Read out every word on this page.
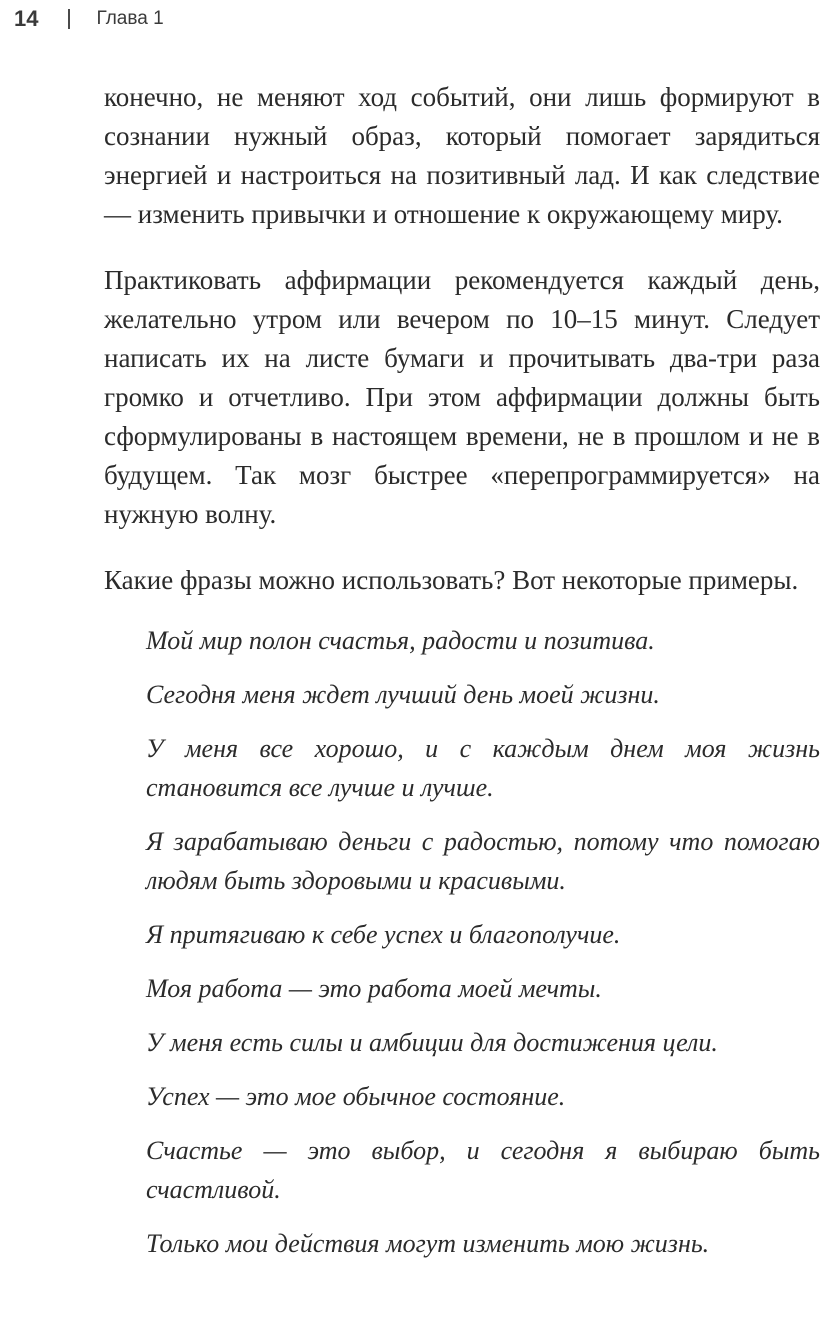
14	Глава 1

конечно, не меняют ход событий, они лишь формируют в сознании нужный образ, который помогает зарядиться энергией и настроиться на позитивный лад. И как следствие — изменить привычки и отношение к окружающему миру.

Практиковать аффирмации рекомендуется каждый день, желательно утром или вечером по 10–15 минут. Следует написать их на листе бумаги и прочитывать два-три раза громко и отчетливо. При этом аффирмации должны быть сформулированы в настоящем времени, не в прошлом и не в будущем. Так мозг быстрее «перепрограммируется» на нужную волну.

Какие фразы можно использовать? Вот некоторые примеры.

Мой мир полон счастья, радости и позитива.
Сегодня меня ждет лучший день моей жизни.
У меня все хорошо, и с каждым днем моя жизнь становится все лучше и лучше.
Я зарабатываю деньги с радостью, потому что помогаю людям быть здоровыми и красивыми.
Я притягиваю к себе успех и благополучие.
Моя работа — это работа моей мечты.
У меня есть силы и амбиции для достижения цели.
Успех — это мое обычное состояние.
Счастье — это выбор, и сегодня я выбираю быть счастливой.
Только мои действия могут изменить мою жизнь.
